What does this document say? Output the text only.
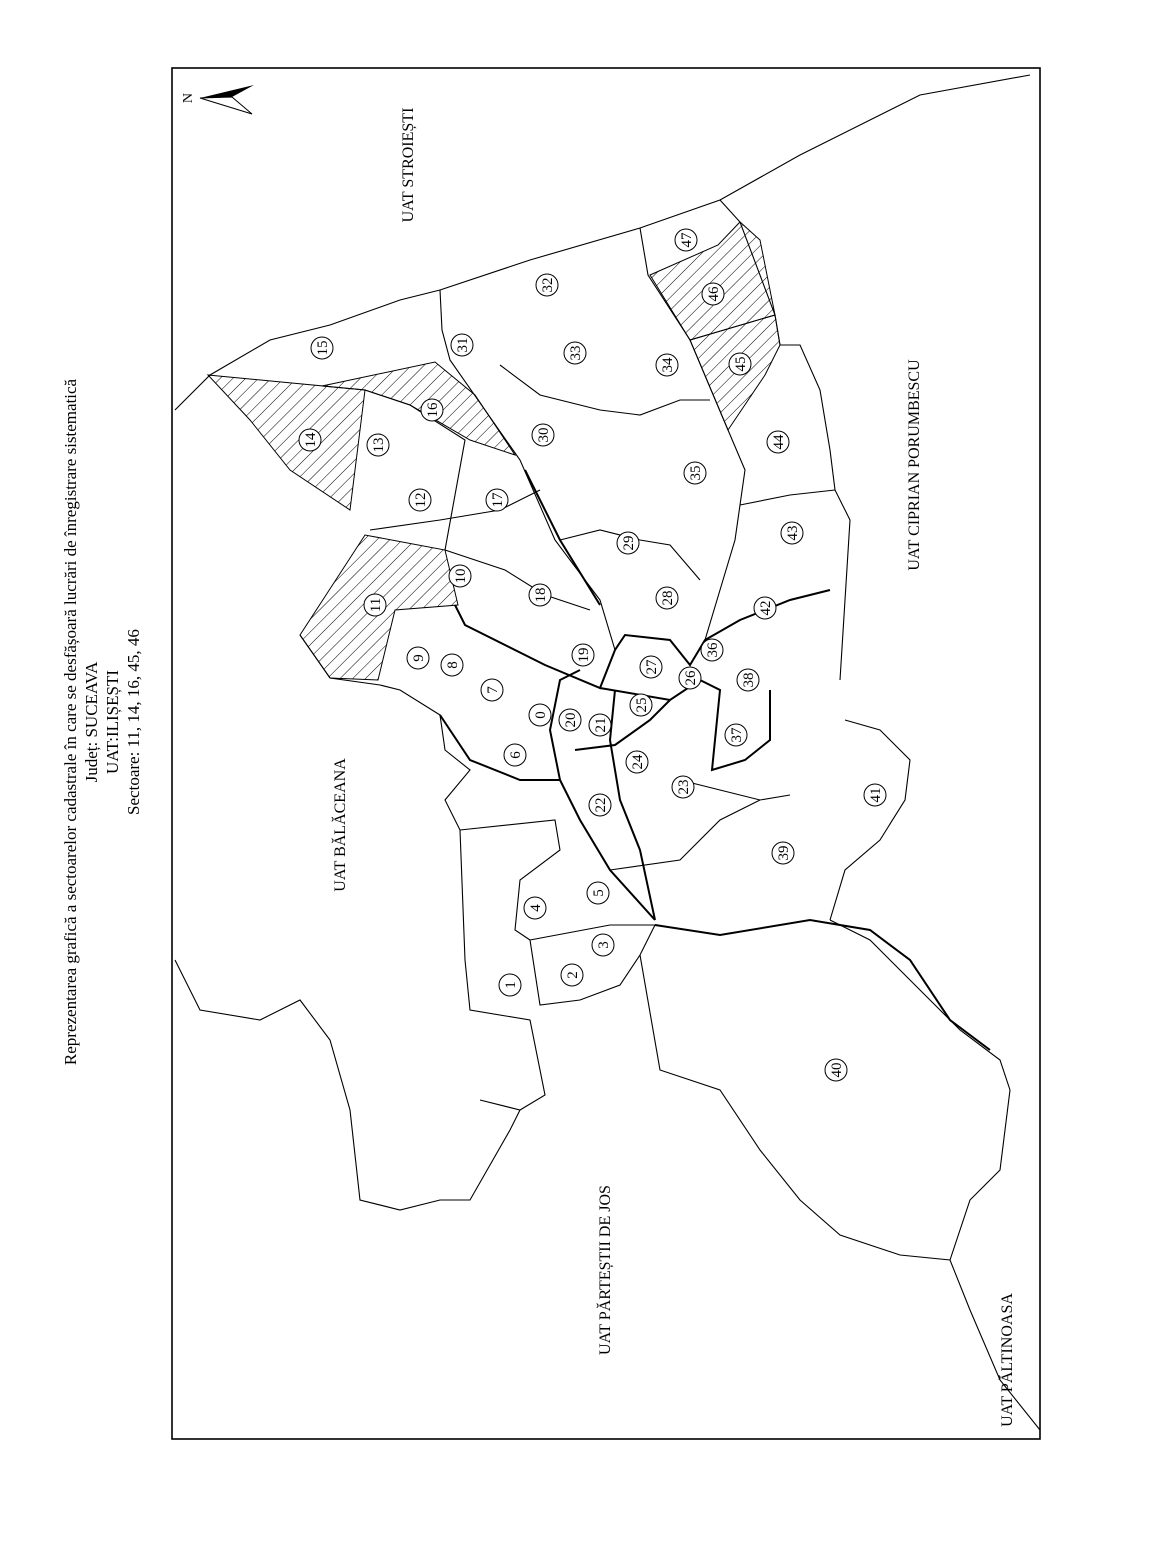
Reprezentarea grafică a sectoarelor cadastrale în care se desfășoară lucrări de înregistrare sistematică Județ: SUCEAVA UAT:ILIȘEȘTI Sectoare: 11, 14, 16, 45, 46
N
UAT STROIEȘTI
UAT BĂLĂCEANA
UAT CIPRIAN PORUMBESCU
UAT PĂRTEȘTII DE JOS
UAT PĂLTINOASA
0
1
2
3
4
5
6
7
8
9
10
11
12
13
14
15
16
17
18
19
20 21
22
23
24
25
26
27
28
29
30
31
32
33
34
35
36
37
38
39
40
41
42
43
44
45
46
47
